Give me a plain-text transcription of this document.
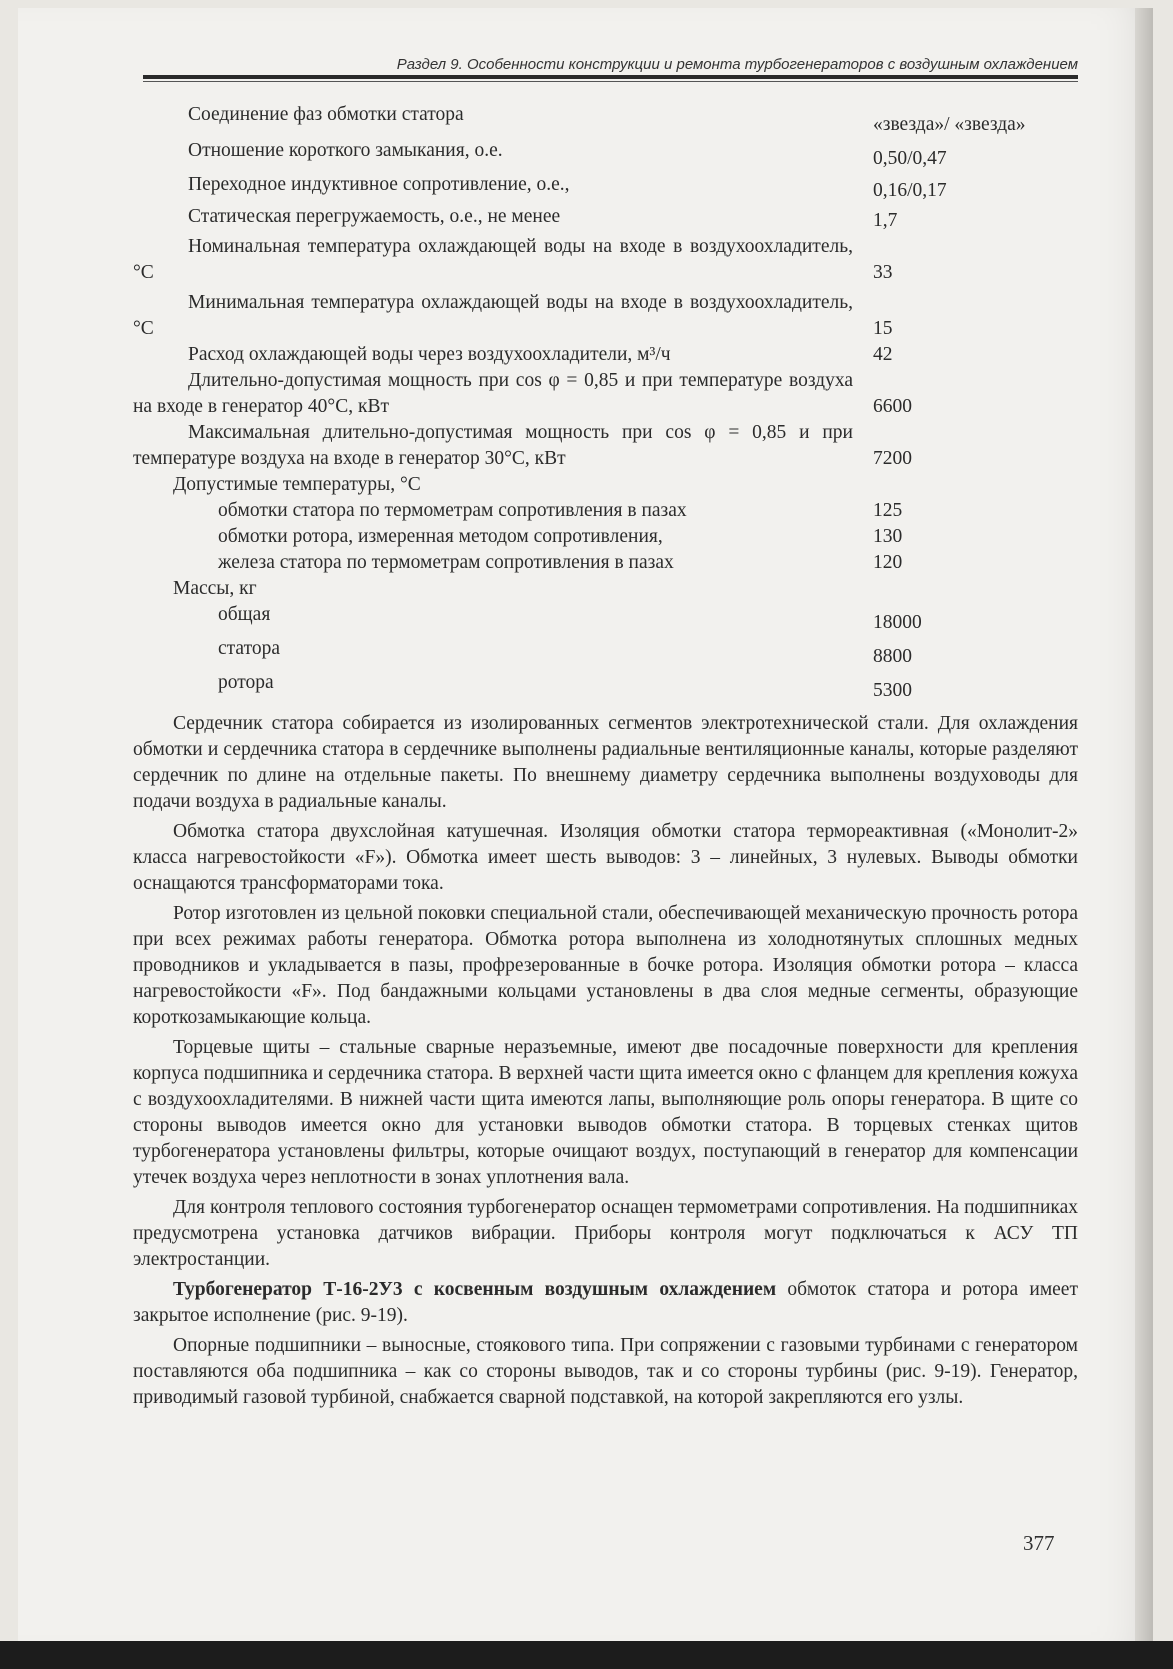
Раздел 9. Особенности конструкции и ремонта турбогенераторов с воздушным охлаждением
Соединение фаз обмотки статора	«звезда»/ «звезда»
Отношение короткого замыкания, о.е.	0,50/0,47
Переходное индуктивное сопротивление, о.е.,	0,16/0,17
Статическая перегружаемость, о.е., не менее	1,7
Номинальная температура охлаждающей воды на входе в воздухоохладитель, °С	33
Минимальная температура охлаждающей воды на входе в воздухоохладитель, °С	15
Расход охлаждающей воды через воздухоохладители, м³/ч	42
Длительно-допустимая мощность при cos φ = 0,85 и при температуре воздуха на входе в генератор 40°С, кВт	6600
Максимальная длительно-допустимая мощность при cos φ = 0,85 и при температуре воздуха на входе в генератор 30°С, кВт	7200
Допустимые температуры, °С
обмотки статора по термометрам сопротивления в пазах	125
обмотки ротора, измеренная методом сопротивления,	130
железа статора по термометрам сопротивления в пазах	120
Массы, кг
общая	18000
статора	8800
ротора	5300

Сердечник статора собирается из изолированных сегментов электротехнической стали. Для охлаждения обмотки и сердечника статора в сердечнике выполнены радиальные вентиляционные каналы, которые разделяют сердечник по длине на отдельные пакеты. По внешнему диаметру сердечника выполнены воздуховоды для подачи воздуха в радиальные каналы.

Обмотка статора двухслойная катушечная. Изоляция обмотки статора термореактивная («Монолит-2» класса нагревостойкости «F»). Обмотка имеет шесть выводов: 3 – линейных, 3 нулевых. Выводы обмотки оснащаются трансформаторами тока.

Ротор изготовлен из цельной поковки специальной стали, обеспечивающей механическую прочность ротора при всех режимах работы генератора. Обмотка ротора выполнена из холоднотянутых сплошных медных проводников и укладывается в пазы, профрезерованные в бочке ротора. Изоляция обмотки ротора – класса нагревостойкости «F». Под бандажными кольцами установлены в два слоя медные сегменты, образующие короткозамыкающие кольца.

Торцевые щиты – стальные сварные неразъемные, имеют две посадочные поверхности для крепления корпуса подшипника и сердечника статора. В верхней части щита имеется окно с фланцем для крепления кожуха с воздухоохладителями. В нижней части щита имеются лапы, выполняющие роль опоры генератора. В щите со стороны выводов имеется окно для установки выводов обмотки статора. В торцевых стенках щитов турбогенератора установлены фильтры, которые очищают воздух, поступающий в генератор для компенсации утечек воздуха через неплотности в зонах уплотнения вала.

Для контроля теплового состояния турбогенератор оснащен термометрами сопротивления. На подшипниках предусмотрена установка датчиков вибрации. Приборы контроля могут подключаться к АСУ ТП электростанции.

Турбогенератор Т-16-2У3 с косвенным воздушным охлаждением обмоток статора и ротора имеет закрытое исполнение (рис. 9-19).

Опорные подшипники – выносные, стоякового типа. При сопряжении с газовыми турбинами с генератором поставляются оба подшипника – как со стороны выводов, так и со стороны турбины (рис. 9-19). Генератор, приводимый газовой турбиной, снабжается сварной подставкой, на которой закрепляются его узлы.

377
